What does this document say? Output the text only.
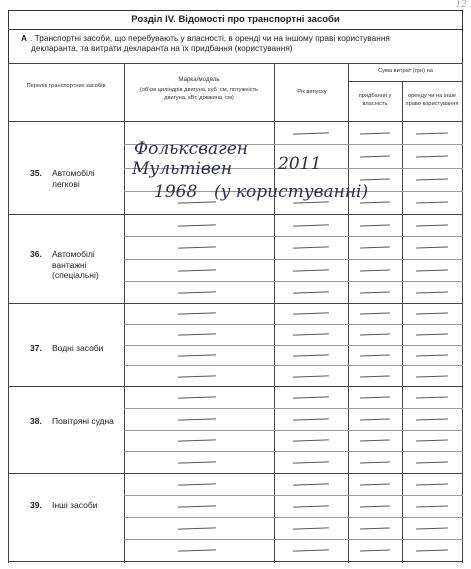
12
Розділ IV. Відомості про транспортні засоби
А . Транспортні засоби, що перебувають у власності, в оренді чи на іншому праві користування
декларанта, та витрати декларанта на їх придбання (користування)
Перелік транспортних засобів
Марка/модель
(об'єм циліндрів двигуна, куб. см, потужність двигуна, кВт, довжина, см)
Рік випуску
Сума витрат (грн) на
придбання у власність
оренду чи на інше право користування
35. Автомобілі легкові
36. Автомобілі вантажні (спеціальні)
37. Водні засоби
38. Повітряні судна
39. Інші засоби
Фольксваген
Мультівен	2011
1968 (у користуванні)
